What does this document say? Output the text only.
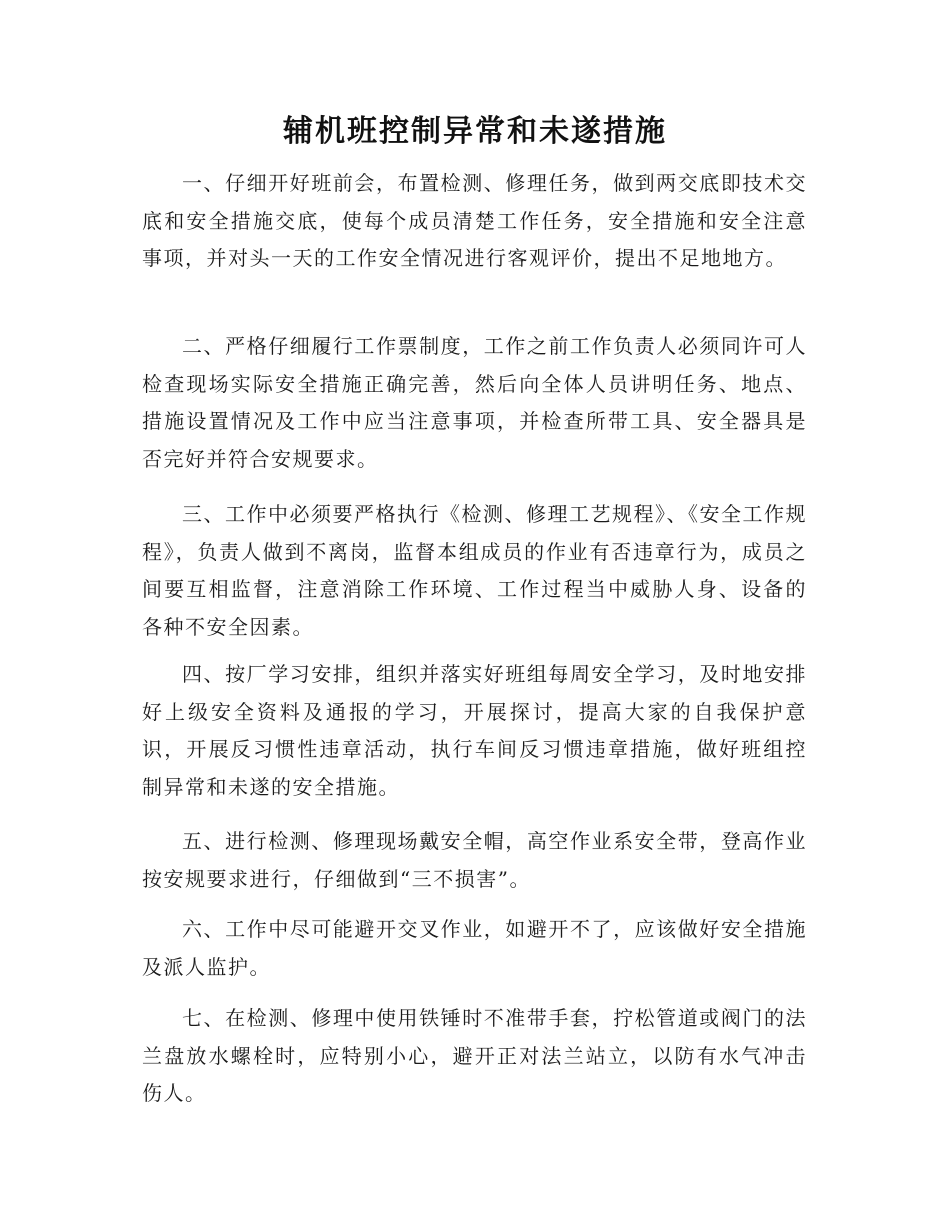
辅机班控制异常和未遂措施

一、仔细开好班前会，布置检测、修理任务，做到两交底即技术交底和安全措施交底，使每个成员清楚工作任务，安全措施和安全注意事项，并对头一天的工作安全情况进行客观评价，提出不足地地方。

二、严格仔细履行工作票制度，工作之前工作负责人必须同许可人检查现场实际安全措施正确完善，然后向全体人员讲明任务、地点、措施设置情况及工作中应当注意事项，并检查所带工具、安全器具是否完好并符合安规要求。

三、工作中必须要严格执行《检测、修理工艺规程》、《安全工作规程》，负责人做到不离岗，监督本组成员的作业有否违章行为，成员之间要互相监督，注意消除工作环境、工作过程当中威胁人身、设备的各种不安全因素。

四、按厂学习安排，组织并落实好班组每周安全学习，及时地安排好上级安全资料及通报的学习，开展探讨，提高大家的自我保护意识，开展反习惯性违章活动，执行车间反习惯违章措施，做好班组控制异常和未遂的安全措施。

五、进行检测、修理现场戴安全帽，高空作业系安全带，登高作业按安规要求进行，仔细做到“三不损害”。

六、工作中尽可能避开交叉作业，如避开不了，应该做好安全措施及派人监护。

七、在检测、修理中使用铁锤时不准带手套，拧松管道或阀门的法兰盘放水螺栓时，应特别小心，避开正对法兰站立，以防有水气冲击伤人。
